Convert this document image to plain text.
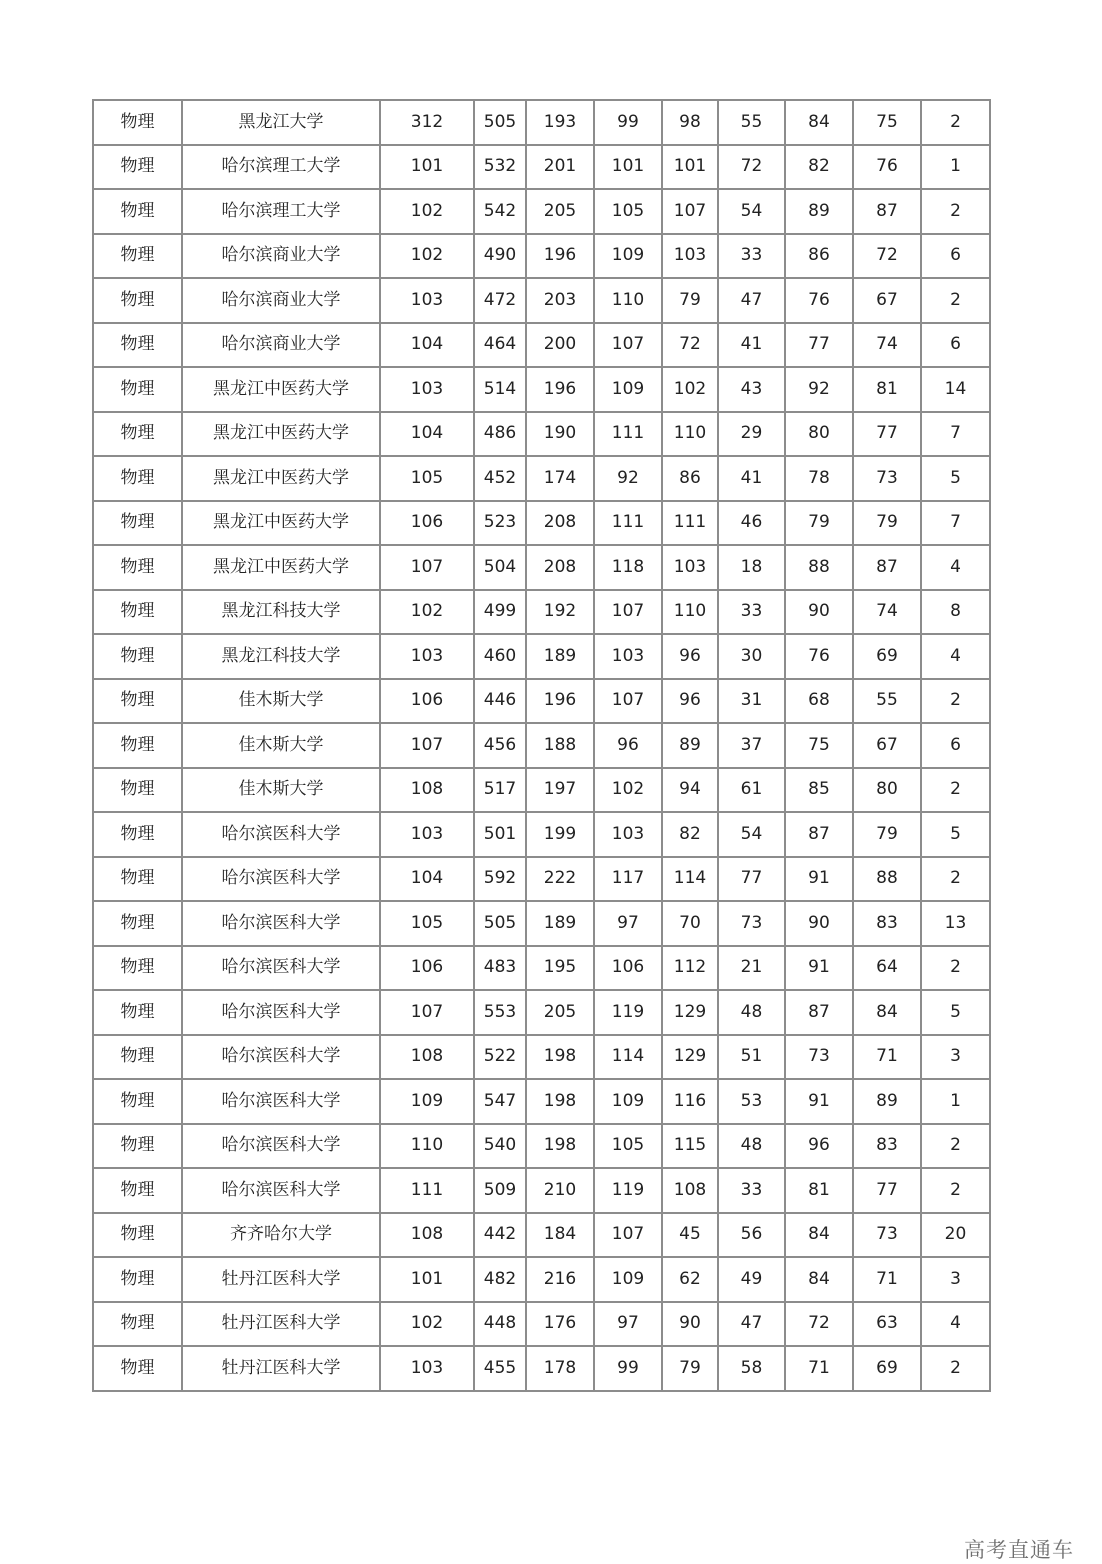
物理	黑龙江大学	312	505	193	99	98	55	84	75	2
物理	哈尔滨理工大学	101	532	201	101	101	72	82	76	1
物理	哈尔滨理工大学	102	542	205	105	107	54	89	87	2
物理	哈尔滨商业大学	102	490	196	109	103	33	86	72	6
物理	哈尔滨商业大学	103	472	203	110	79	47	76	67	2
物理	哈尔滨商业大学	104	464	200	107	72	41	77	74	6
物理	黑龙江中医药大学	103	514	196	109	102	43	92	81	14
物理	黑龙江中医药大学	104	486	190	111	110	29	80	77	7
物理	黑龙江中医药大学	105	452	174	92	86	41	78	73	5
物理	黑龙江中医药大学	106	523	208	111	111	46	79	79	7
物理	黑龙江中医药大学	107	504	208	118	103	18	88	87	4
物理	黑龙江科技大学	102	499	192	107	110	33	90	74	8
物理	黑龙江科技大学	103	460	189	103	96	30	76	69	4
物理	佳木斯大学	106	446	196	107	96	31	68	55	2
物理	佳木斯大学	107	456	188	96	89	37	75	67	6
物理	佳木斯大学	108	517	197	102	94	61	85	80	2
物理	哈尔滨医科大学	103	501	199	103	82	54	87	79	5
物理	哈尔滨医科大学	104	592	222	117	114	77	91	88	2
物理	哈尔滨医科大学	105	505	189	97	70	73	90	83	13
物理	哈尔滨医科大学	106	483	195	106	112	21	91	64	2
物理	哈尔滨医科大学	107	553	205	119	129	48	87	84	5
物理	哈尔滨医科大学	108	522	198	114	129	51	73	71	3
物理	哈尔滨医科大学	109	547	198	109	116	53	91	89	1
物理	哈尔滨医科大学	110	540	198	105	115	48	96	83	2
物理	哈尔滨医科大学	111	509	210	119	108	33	81	77	2
物理	齐齐哈尔大学	108	442	184	107	45	56	84	73	20
物理	牡丹江医科大学	101	482	216	109	62	49	84	71	3
物理	牡丹江医科大学	102	448	176	97	90	47	72	63	4
物理	牡丹江医科大学	103	455	178	99	79	58	71	69	2
高考直通车
